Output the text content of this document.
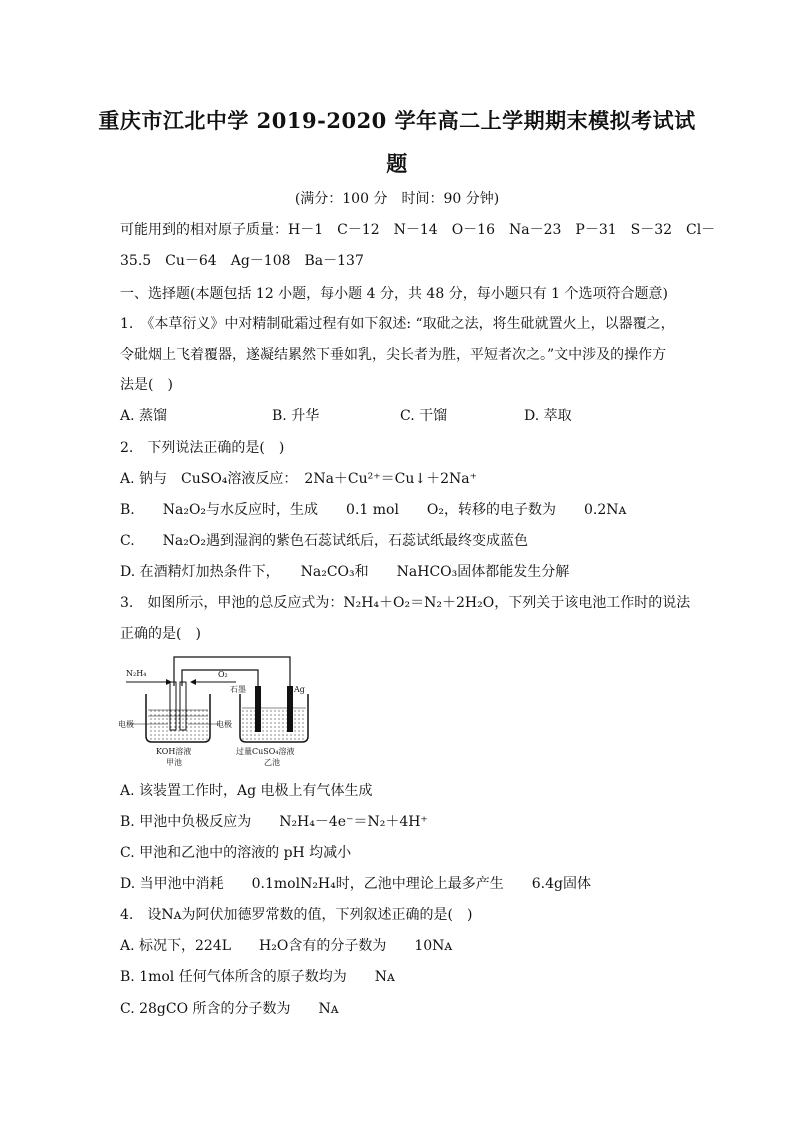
重庆市江北中学 2019-2020 学年高二上学期期末模拟考试试
题
(满分：100 分　时间：90 分钟)
可能用到的相对原子质量：H－1　C－12　N－14　O－16　Na－23　P－31　S－32　Cl－
35.5　Cu－64　Ag－108　Ba－137
一、选择题(本题包括 12 小题，每小题 4 分，共 48 分，每小题只有 1 个选项符合题意)
1.　《本草衍义》中对精制砒霜过程有如下叙述: “取砒之法，将生砒就置火上，以器覆之，
令砒烟上飞着覆器，遂凝结累然下垂如乳，尖长者为胜，平短者次之。”文中涉及的操作方
法是(　)
A. 蒸馏	B. 升华	C. 干馏	D. 萃取
2.　下列说法正确的是(　)
A. 钠与　CuSO₄溶液反应：　2Na＋Cu²⁺＝Cu↓＋2Na⁺
B.　　Na₂O₂与水反应时，生成　　0.1 mol　　O₂，转移的电子数为　　0.2Nᴀ
C.　　Na₂O₂遇到湿润的紫色石蕊试纸后，石蕊试纸最终变成蓝色
D. 在酒精灯加热条件下，　　Na₂CO₃和　　NaHCO₃固体都能发生分解
3.　如图所示，甲池的总反应式为：N₂H₄＋O₂＝N₂＋2H₂O，下列关于该电池工作时的说法
正确的是(　)
N₂H₄	O₂
电极	电极
KOH溶液
甲池
石墨	Ag
过量CuSO₄溶液
乙池
A. 该装置工作时，Ag 电极上有气体生成
B. 甲池中负极反应为　　N₂H₄－4e⁻＝N₂＋4H⁺
C. 甲池和乙池中的溶液的 pH 均减小
D. 当甲池中消耗　　0.1molN₂H₄时，乙池中理论上最多产生　　6.4g固体
4.　设Nᴀ为阿伏加德罗常数的值，下列叙述正确的是(　)
A. 标况下，224L　　H₂O含有的分子数为　　10Nᴀ
B. 1mol 任何气体所含的原子数均为　　Nᴀ
C. 28gCO 所含的分子数为　　Nᴀ
